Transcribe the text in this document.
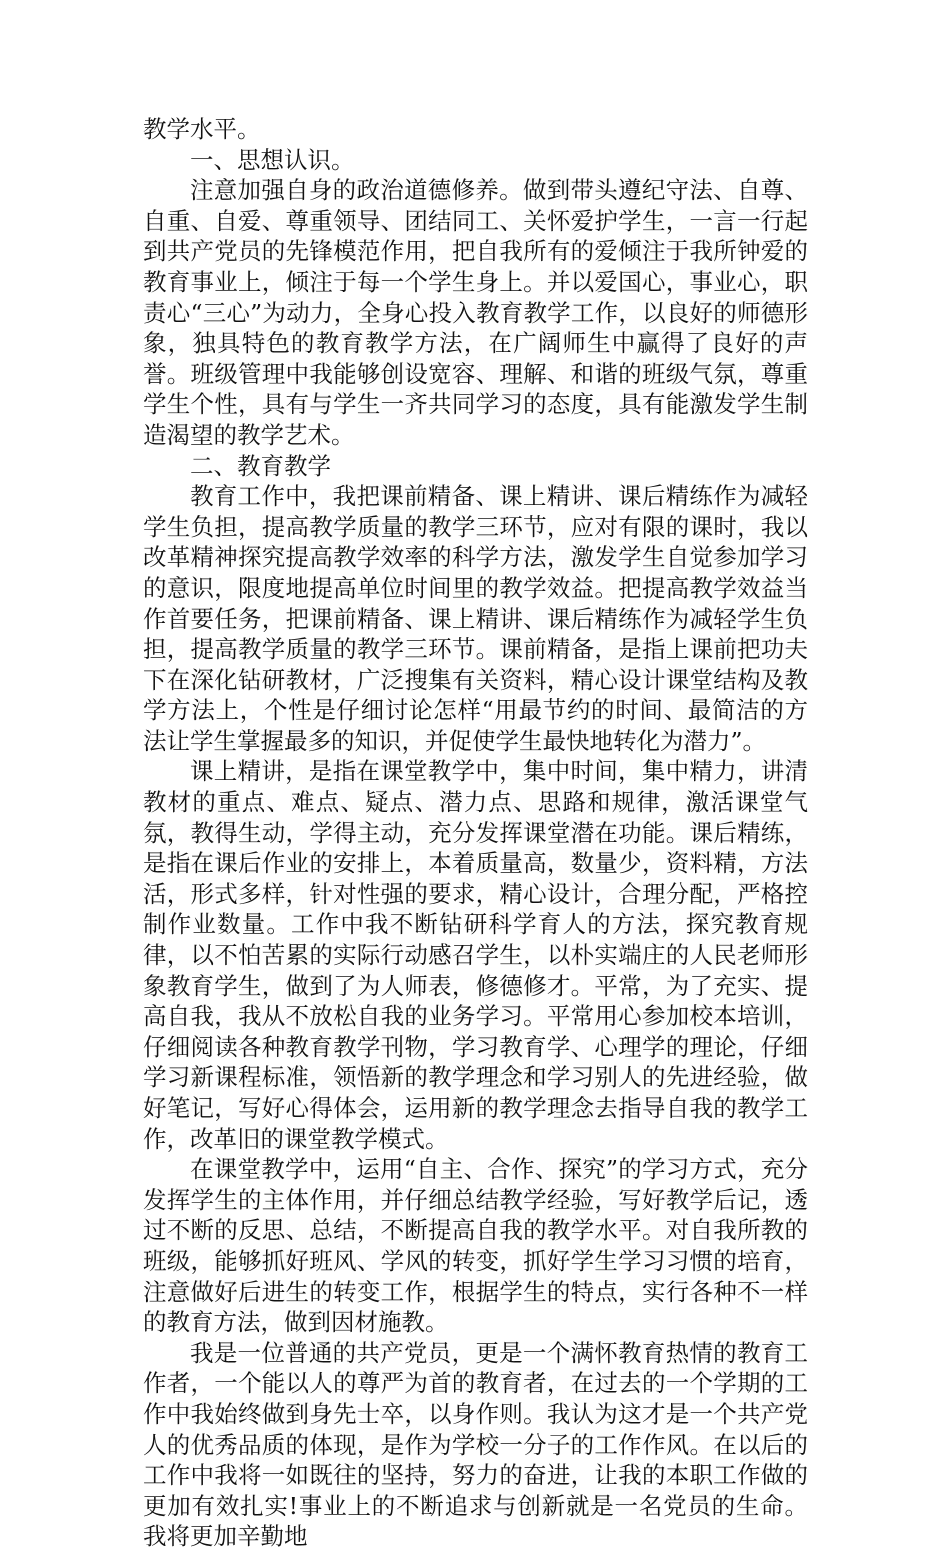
教学水平。

一、思想认识。

注意加强自身的政治道德修养。做到带头遵纪守法、自尊、自重、自爱、尊重领导、团结同工、关怀爱护学生，一言一行起到共产党员的先锋模范作用，把自我所有的爱倾注于我所钟爱的教育事业上，倾注于每一个学生身上。并以爱国心，事业心，职责心“三心”为动力，全身心投入教育教学工作，以良好的师德形象，独具特色的教育教学方法，在广阔师生中赢得了良好的声誉。班级管理中我能够创设宽容、理解、和谐的班级气氛，尊重学生个性，具有与学生一齐共同学习的态度，具有能激发学生制造渴望的教学艺术。

二、教育教学

教育工作中，我把课前精备、课上精讲、课后精练作为减轻学生负担，提高教学质量的教学三环节，应对有限的课时，我以改革精神探究提高教学效率的科学方法，激发学生自觉参加学习的意识，限度地提高单位时间里的教学效益。把提高教学效益当作首要任务，把课前精备、课上精讲、课后精练作为减轻学生负担，提高教学质量的教学三环节。课前精备，是指上课前把功夫下在深化钻研教材，广泛搜集有关资料，精心设计课堂结构及教学方法上，个性是仔细讨论怎样“用最节约的时间、最简洁的方法让学生掌握最多的知识，并促使学生最快地转化为潜力”。

课上精讲，是指在课堂教学中，集中时间，集中精力，讲清教材的重点、难点、疑点、潜力点、思路和规律，激活课堂气氛，教得生动，学得主动，充分发挥课堂潜在功能。课后精练，是指在课后作业的安排上，本着质量高，数量少，资料精，方法活，形式多样，针对性强的要求，精心设计，合理分配，严格控制作业数量。工作中我不断钻研科学育人的方法，探究教育规律，以不怕苦累的实际行动感召学生，以朴实端庄的人民老师形象教育学生，做到了为人师表，修德修才。平常，为了充实、提高自我，我从不放松自我的业务学习。平常用心参加校本培训，仔细阅读各种教育教学刊物，学习教育学、心理学的理论，仔细学习新课程标准，领悟新的教学理念和学习别人的先进经验，做好笔记，写好心得体会，运用新的教学理念去指导自我的教学工作，改革旧的课堂教学模式。

在课堂教学中，运用“自主、合作、探究”的学习方式，充分发挥学生的主体作用，并仔细总结教学经验，写好教学后记，透过不断的反思、总结，不断提高自我的教学水平。对自我所教的班级，能够抓好班风、学风的转变，抓好学生学习习惯的培育，注意做好后进生的转变工作，根据学生的特点，实行各种不一样的教育方法，做到因材施教。

我是一位普通的共产党员，更是一个满怀教育热情的教育工作者，一个能以人的尊严为首的教育者，在过去的一个学期的工作中我始终做到身先士卒，以身作则。我认为这才是一个共产党人的优秀品质的体现，是作为学校一分子的工作作风。在以后的工作中我将一如既往的坚持，努力的奋进，让我的本职工作做的更加有效扎实!事业上的不断追求与创新就是一名党员的生命。我将更加辛勤地
